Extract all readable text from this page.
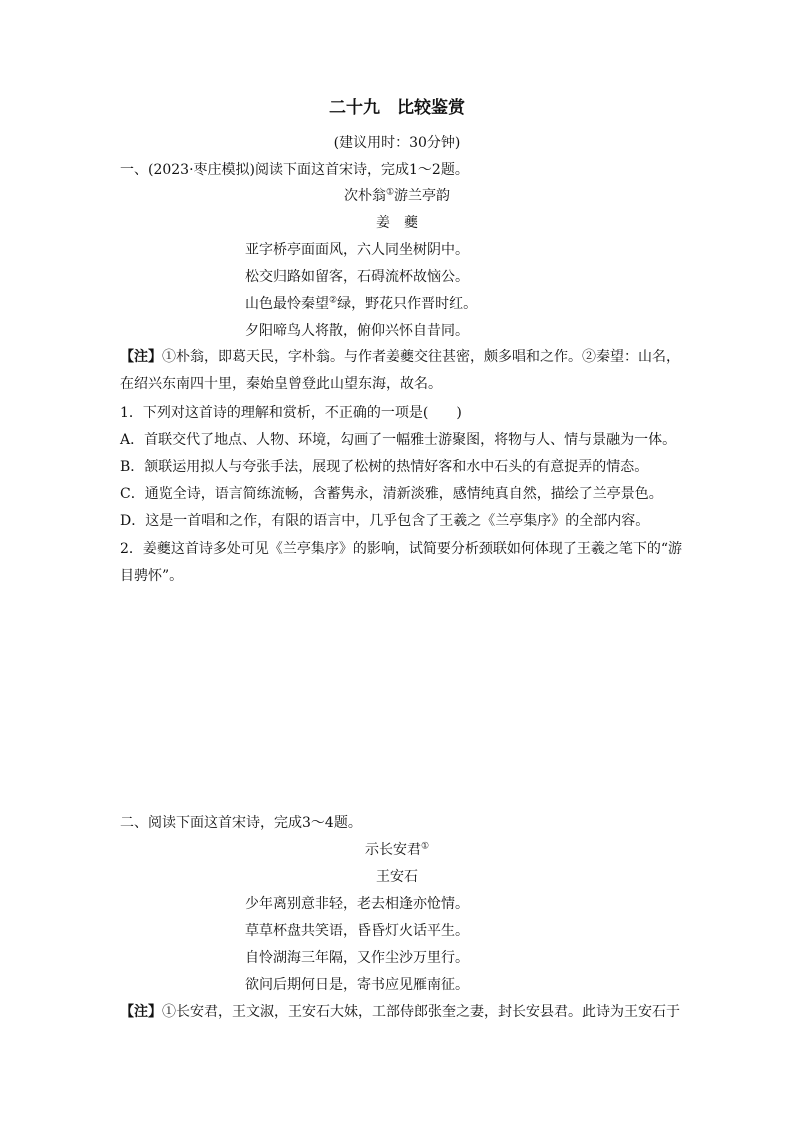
二十九　比较鉴赏
(建议用时：30分钟)
一、(2023·枣庄模拟)阅读下面这首宋诗，完成1～2题。
次朴翁①游兰亭韵
姜　夔
亚字桥亭面面风，六人同坐树阴中。
松交归路如留客，石碍流杯故恼公。
山色最怜秦望②绿，野花只作晋时红。
夕阳啼鸟人将散，俯仰兴怀自昔同。
【注】①朴翁，即葛天民，字朴翁。与作者姜夔交往甚密，颇多唱和之作。②秦望：山名，在绍兴东南四十里，秦始皇曾登此山望东海，故名。
1．下列对这首诗的理解和赏析，不正确的一项是(　　)
A．首联交代了地点、人物、环境，勾画了一幅雅士游聚图，将物与人、情与景融为一体。
B．颔联运用拟人与夸张手法，展现了松树的热情好客和水中石头的有意捉弄的情态。
C．通览全诗，语言简练流畅，含蓄隽永，清新淡雅，感情纯真自然，描绘了兰亭景色。
D．这是一首唱和之作，有限的语言中，几乎包含了王羲之《兰亭集序》的全部内容。
2．姜夔这首诗多处可见《兰亭集序》的影响，试简要分析颈联如何体现了王羲之笔下的“游目骋怀”。
二、阅读下面这首宋诗，完成3～4题。
示长安君①
王安石
少年离别意非轻，老去相逢亦怆情。
草草杯盘共笑语，昏昏灯火话平生。
自怜湖海三年隔，又作尘沙万里行。
欲问后期何日是，寄书应见雁南征。
【注】①长安君，王文淑，王安石大妹，工部侍郎张奎之妻，封长安县君。此诗为王安石于
